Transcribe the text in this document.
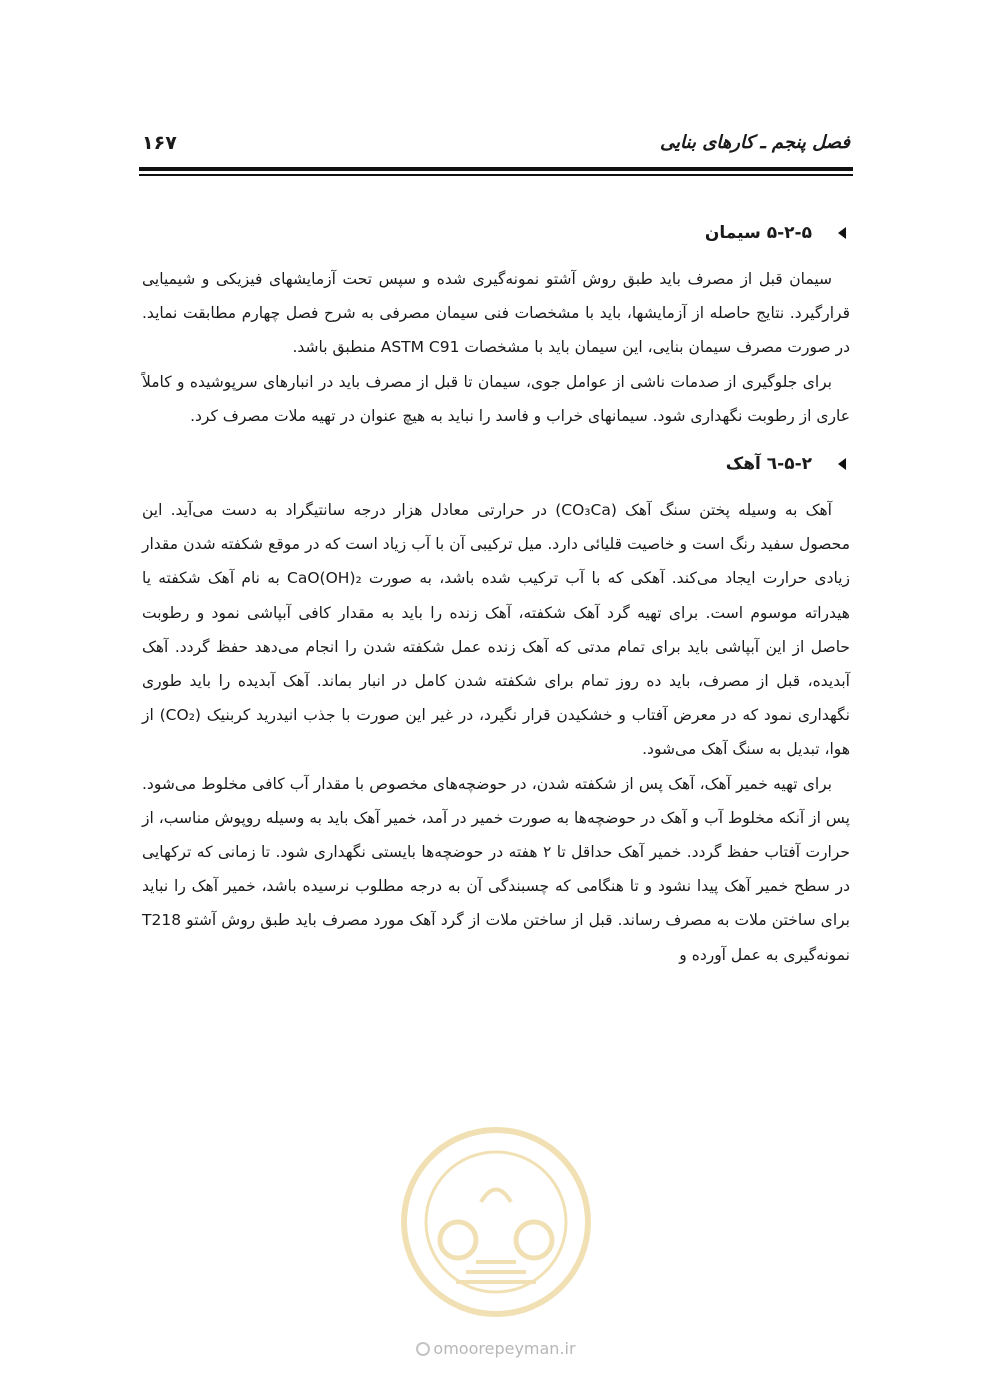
فصل پنجم ـ کارهای بنایی
۱۶۷
۵-۲-۵ سیمان

سیمان قبل از مصرف باید طبق روش آشتو نمونه‌گیری شده و سپس تحت آزمایشهای فیزیکی و شیمیایی قرارگیرد. نتایج حاصله از آزمایشها، باید با مشخصات فنی سیمان مصرفی به شرح فصل چهارم مطابقت نماید. در صورت مصرف سیمان بنایی، این سیمان باید با مشخصات ASTM C91 منطبق باشد.

برای جلوگیری از صدمات ناشی از عوامل جوی، سیمان تا قبل از مصرف باید در انبارهای سرپوشیده و کاملاً عاری از رطوبت نگهداری شود. سیمانهای خراب و فاسد را نباید به هیچ عنوان در تهیه ملات مصرف کرد.

۵-۲-٦ آهک

آهک به وسیله پختن سنگ آهک (CO₃Ca) در حرارتی معادل هزار درجه سانتیگراد به دست می‌آید. این محصول سفید رنگ است و خاصیت قلیائی دارد. میل ترکیبی آن با آب زیاد است که در موقع شکفته شدن مقدار زیادی حرارت ایجاد می‌کند. آهکی که با آب ترکیب شده باشد، به صورت CaO(OH)₂ به نام آهک شکفته یا هیدراته موسوم است. برای تهیه گرد آهک شکفته، آهک زنده را باید به مقدار کافی آبپاشی نمود و رطوبت حاصل از این آبپاشی باید برای تمام مدتی که آهک زنده عمل شکفته شدن را انجام می‌دهد حفظ گردد. آهک آبدیده، قبل از مصرف، باید ده روز تمام برای شکفته شدن کامل در انبار بماند. آهک آبدیده را باید طوری نگهداری نمود که در معرض آفتاب و خشکیدن قرار نگیرد، در غیر این صورت با جذب انیدرید کربنیک (CO₂) از هوا، تبدیل به سنگ آهک می‌شود.

برای تهیه خمیر آهک، آهک پس از شکفته شدن، در حوضچه‌های مخصوص با مقدار آب کافی مخلوط می‌شود. پس از آنکه مخلوط آب و آهک در حوضچه‌ها به صورت خمیر در آمد، خمیر آهک باید به وسیله روپوش مناسب، از حرارت آفتاب حفظ گردد. خمیر آهک حداقل تا ۲ هفته در حوضچه‌ها بایستی نگهداری شود. تا زمانی که ترکهایی در سطح خمیر آهک پیدا نشود و تا هنگامی که چسبندگی آن به درجه مطلوب نرسیده باشد، خمیر آهک را نباید برای ساختن ملات به مصرف رساند. قبل از ساختن ملات از گرد آهک مورد مصرف باید طبق روش آشتو T218 نمونه‌گیری به عمل آورده و

omoorepeyman.ir
